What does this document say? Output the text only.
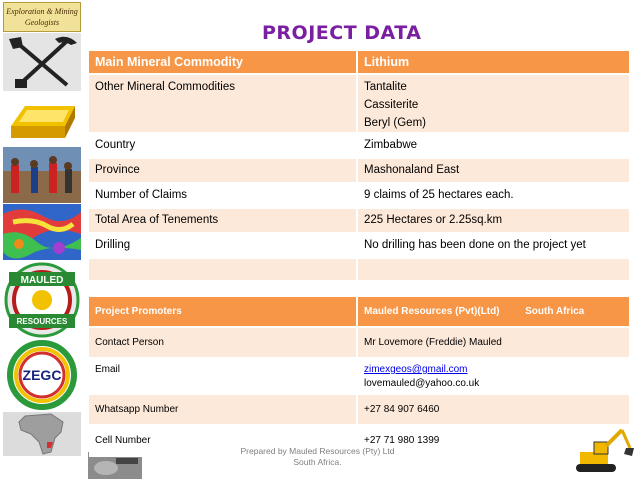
Exploration & Mining
Geologists
MAULED
RESOURCES
ZEGC
PROJECT DATA
Main Mineral Commodity	Lithium
Other Mineral Commodities	Tantalite
Cassiterite
Beryl (Gem)

Country	Zimbabwe
Province	Mashonaland East
Number of Claims	9 claims of 25 hectares each.
Total Area of Tenements	225 Hectares or 2.25sq.km
Drilling	No drilling has been done on the project yet

Project Promoters	Mauled Resources (Pvt)(Ltd) South Africa
Contact Person	Mr Lovemore (Freddie) Mauled
Email	zimexgeos@gmail.com
lovemauled@yahoo.co.uk

Whatsapp Number	+27 84 907 6460
Cell Number	+27 71 980 1399
Prepared by Mauled Resources (Pty) Ltd
South Africa.
